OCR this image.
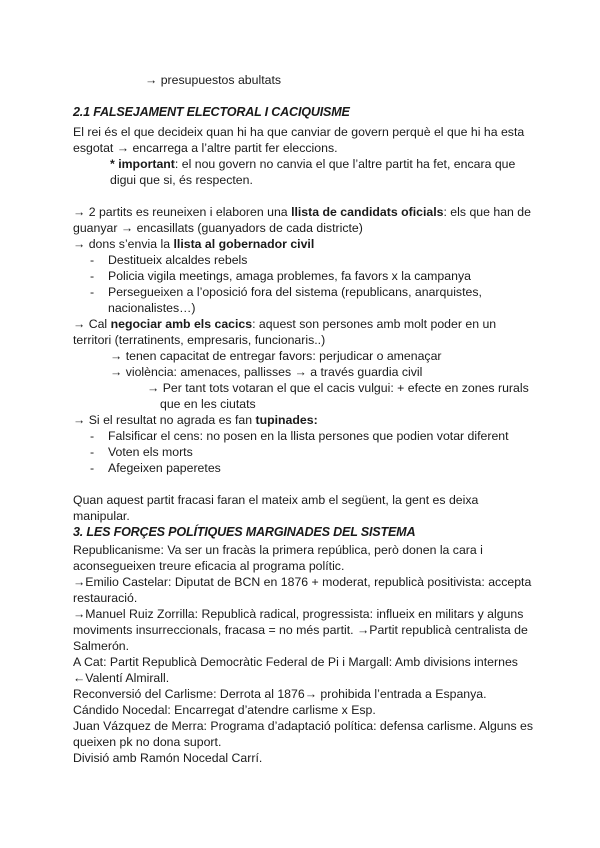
→ presupuestos abultats
2.1 FALSEJAMENT ELECTORAL I CACIQUISME
El rei és el que decideix quan hi ha que canviar de govern perquè el que hi ha esta
esgotat → encarrega a l’altre partit fer eleccions.
* important: el nou govern no canvia el que l’altre partit ha fet, encara que
digui que si, és respecten.
→ 2 partits es reuneixen i elaboren una llista de candidats oficials: els que han de
guanyar → encasillats (guanyadors de cada districte)
→ dons s’envia la llista al gobernador civil
- Destitueix alcaldes rebels
- Policia vigila meetings, amaga problemes, fa favors x la campanya
- Persegueixen a l’oposició fora del sistema (republicans, anarquistes,
nacionalistes…)
→ Cal negociar amb els cacics: aquest son persones amb molt poder en un
territori (terratinents, empresaris, funcionaris..)
→ tenen capacitat de entregar favors: perjudicar o amenaçar
→ violència: amenaces, pallisses → a través guardia civil
→ Per tant tots votaran el que el cacis vulgui: + efecte en zones rurals
que en les ciutats
→ Si el resultat no agrada es fan tupinades:
- Falsificar el cens: no posen en la llista persones que podien votar diferent
- Voten els morts
- Afegeixen paperetes
Quan aquest partit fracasi faran el mateix amb el següent, la gent es deixa
manipular.
3. LES FORÇES POLÍTIQUES MARGINADES DEL SISTEMA
Republicanisme: Va ser un fracàs la primera república, però donen la cara i
aconsegueixen treure eficacia al programa polític.
→Emilio Castelar: Diputat de BCN en 1876 + moderat, republicà positivista: accepta
restauració.
→Manuel Ruiz Zorrilla: Republicà radical, progressista: influeix en militars y alguns
moviments insurreccionals, fracasa = no més partit. →Partit republicà centralista de
Salmerón.
A Cat: Partit Republicà Democràtic Federal de Pi i Margall: Amb divisions internes
←Valentí Almirall.
Reconversió del Carlisme: Derrota al 1876→ prohibida l’entrada a Espanya.
Cándido Nocedal: Encarregat d’atendre carlisme x Esp.
Juan Vázquez de Merra: Programa d’adaptació política: defensa carlisme. Alguns es
queixen pk no dona suport.
Divisió amb Ramón Nocedal Carrí.
